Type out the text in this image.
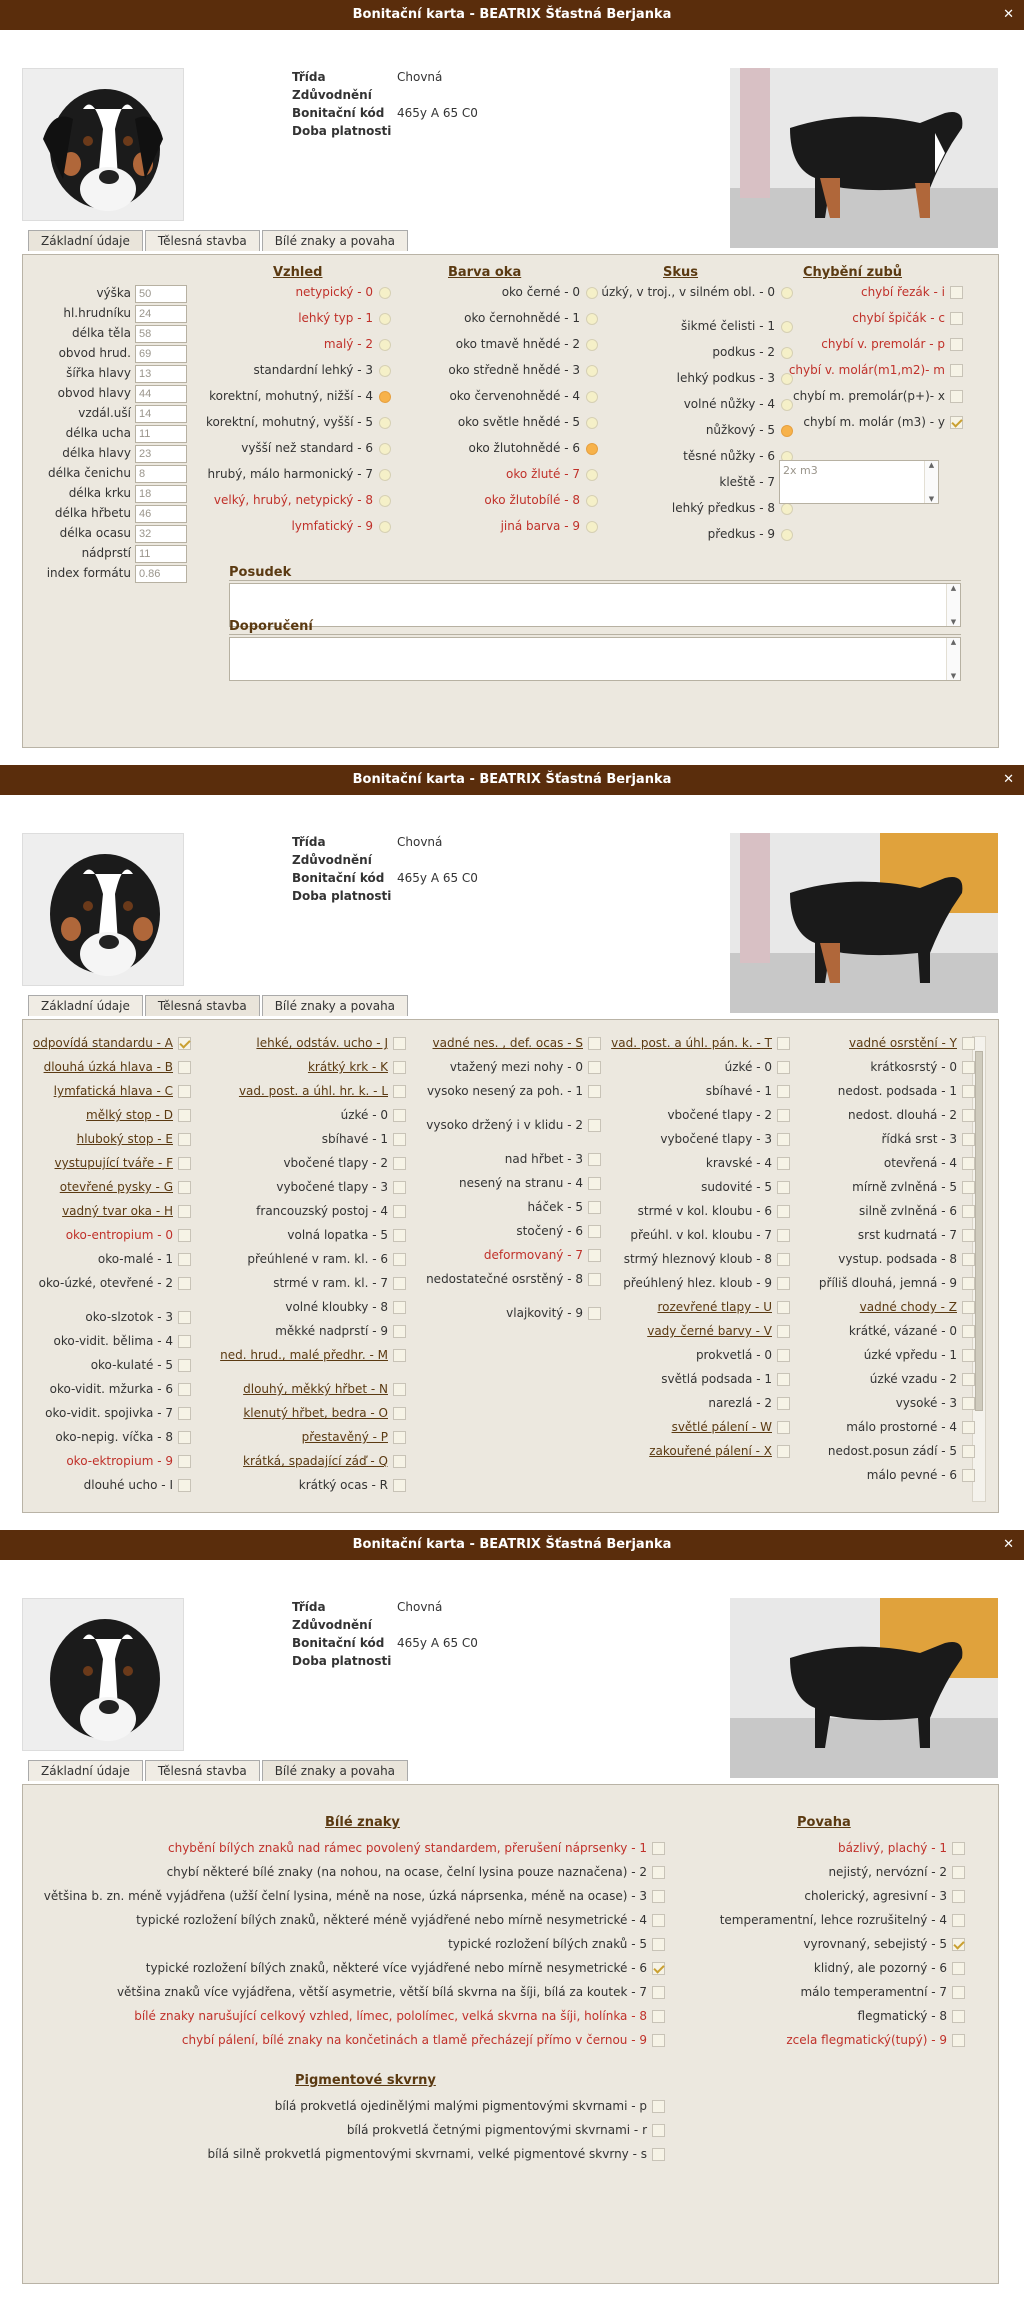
Bonitační karta - BEATRIX Šťastná Berjanka	✕
Třída	Chovná
Zdůvodnění
Bonitační kód	465y A 65 C0
Doba platnosti
Základní údaje	Tělesná stavba	Bílé znaky a povaha
výška
50
hl.hrudníku
24
délka těla
58
obvod hrud.
69
šířka hlavy
13
obvod hlavy
44
vzdál.uší
14
délka ucha
11
délka hlavy
23
délka čenichu
8
délka krku
18
délka hřbetu
46
délka ocasu
32
nádprstí
11
index formátu
0.86
Vzhled
netypický - 0
lehký typ - 1
malý - 2
standardní lehký - 3
korektní, mohutný, nižší - 4
korektní, mohutný, vyšší - 5
vyšší než standard - 6
hrubý, málo harmonický - 7
velký, hrubý, netypický - 8
lymfatický - 9
Barva oka
oko černé - 0
oko černohnědé - 1
oko tmavě hnědé - 2
oko středně hnědé - 3
oko červenohnědé - 4
oko světle hnědé - 5
oko žlutohnědé - 6
oko žluté - 7
oko žlutobílé - 8
jiná barva - 9
Skus
úzký, v troj., v silném obl. - 0
šikmé čelisti - 1
podkus - 2
lehký podkus - 3
volné nůžky - 4
nůžkový - 5
těsné nůžky - 6
kleště - 7
lehký předkus - 8
předkus - 9
Chybění zubů
chybí řezák - i
chybí špičák - c
chybí v. premolár - p
chybí v. molár(m1,m2)- m
chybí m. premolár(p+)- x
chybí m. molár (m3) - y
2x m3	▲
▼
Posudek
▲
▼
Doporučení
▲
▼
Bonitační karta - BEATRIX Šťastná Berjanka	✕
Třída	Chovná
Zdůvodnění
Bonitační kód	465y A 65 C0
Doba platnosti
Základní údaje	Tělesná stavba	Bílé znaky a povaha
odpovídá standardu - A
dlouhá úzká hlava - B
lymfatická hlava - C
mělký stop - D
hluboký stop - E
vystupující tváře - F
otevřené pysky - G
vadný tvar oka - H
oko-entropium - 0
oko-malé - 1
oko-úzké, otevřené - 2
oko-slzotok - 3
oko-vidit. bělima - 4
oko-kulaté - 5
oko-vidit. mžurka - 6
oko-vidit. spojivka - 7
oko-nepig. víčka - 8
oko-ektropium - 9
dlouhé ucho - I
lehké, odstáv. ucho - J
krátký krk - K
vad. post. a úhl. hr. k. - L
úzké - 0
sbíhavé - 1
vbočené tlapy - 2
vybočené tlapy - 3
francouzský postoj - 4
volná lopatka - 5
přeúhlené v ram. kl. - 6
strmé v ram. kl. - 7
volné kloubky - 8
měkké nadprstí - 9
ned. hrud., malé předhr. - M
dlouhý, měkký hřbet - N
klenutý hřbet, bedra - O
přestavěný - P
krátká, spadající záď - Q
krátký ocas - R
vadné nes. , def. ocas - S
vtažený mezi nohy - 0
vysoko nesený za poh. - 1
vysoko držený i v klidu - 2
nad hřbet - 3
nesený na stranu - 4
háček - 5
stočený - 6
deformovaný - 7
nedostatečné osrstěný - 8
vlajkovitý - 9
vad. post. a úhl. pán. k. - T
úzké - 0
sbíhavé - 1
vbočené tlapy - 2
vybočené tlapy - 3
kravské - 4
sudovité - 5
strmé v kol. kloubu - 6
přeúhl. v kol. kloubu - 7
strmý hleznový kloub - 8
přeúhlený hlez. kloub - 9
rozevřené tlapy - U
vady černé barvy - V
prokvetlá - 0
světlá podsada - 1
narezlá - 2
světlé pálení - W
zakouřené pálení - X
vadné osrstění - Y
krátkosrstý - 0
nedost. podsada - 1
nedost. dlouhá - 2
řídká srst - 3
otevřená - 4
mírně zvlněná - 5
silně zvlněná - 6
srst kudrnatá - 7
vystup. podsada - 8
příliš dlouhá, jemná - 9
vadné chody - Z
krátké, vázané - 0
úzké vpředu - 1
úzké vzadu - 2
vysoké - 3
málo prostorné - 4
nedost.posun zádí - 5
málo pevné - 6
Bonitační karta - BEATRIX Šťastná Berjanka	✕
Třída	Chovná
Zdůvodnění
Bonitační kód	465y A 65 C0
Doba platnosti
Základní údaje	Tělesná stavba	Bílé znaky a povaha
Bílé znaky
chybění bílých znaků nad rámec povolený standardem, přerušení náprsenky - 1
chybí některé bílé znaky (na nohou, na ocase, čelní lysina pouze naznačena) - 2
většina b. zn. méně vyjádřena (užší čelní lysina, méně na nose, úzká náprsenka, méně na ocase) - 3
typické rozložení bílých znaků, některé méně vyjádřené nebo mírně nesymetrické - 4
typické rozložení bílých znaků - 5
typické rozložení bílých znaků, některé více vyjádřené nebo mírně nesymetrické - 6
většina znaků více vyjádřena, větší asymetrie, větší bílá skvrna na šíji, bílá za koutek - 7
bílé znaky narušující celkový vzhled, límec, pololímec, velká skvrna na šíji, holínka - 8
chybí pálení, bílé znaky na končetinách a tlamě přecházejí přímo v černou - 9
Pigmentové skvrny
bílá prokvetlá ojedinělými malými pigmentovými skvrnami - p
bílá prokvetlá četnými pigmentovými skvrnami - r
bílá silně prokvetlá pigmentovými skvrnami, velké pigmentové skvrny - s
Povaha
bázlivý, plachý - 1
nejistý, nervózní - 2
cholerický, agresivní - 3
temperamentní, lehce rozrušitelný - 4
vyrovnaný, sebejistý - 5
klidný, ale pozorný - 6
málo temperamentní - 7
flegmatický - 8
zcela flegmatický(tupý) - 9
